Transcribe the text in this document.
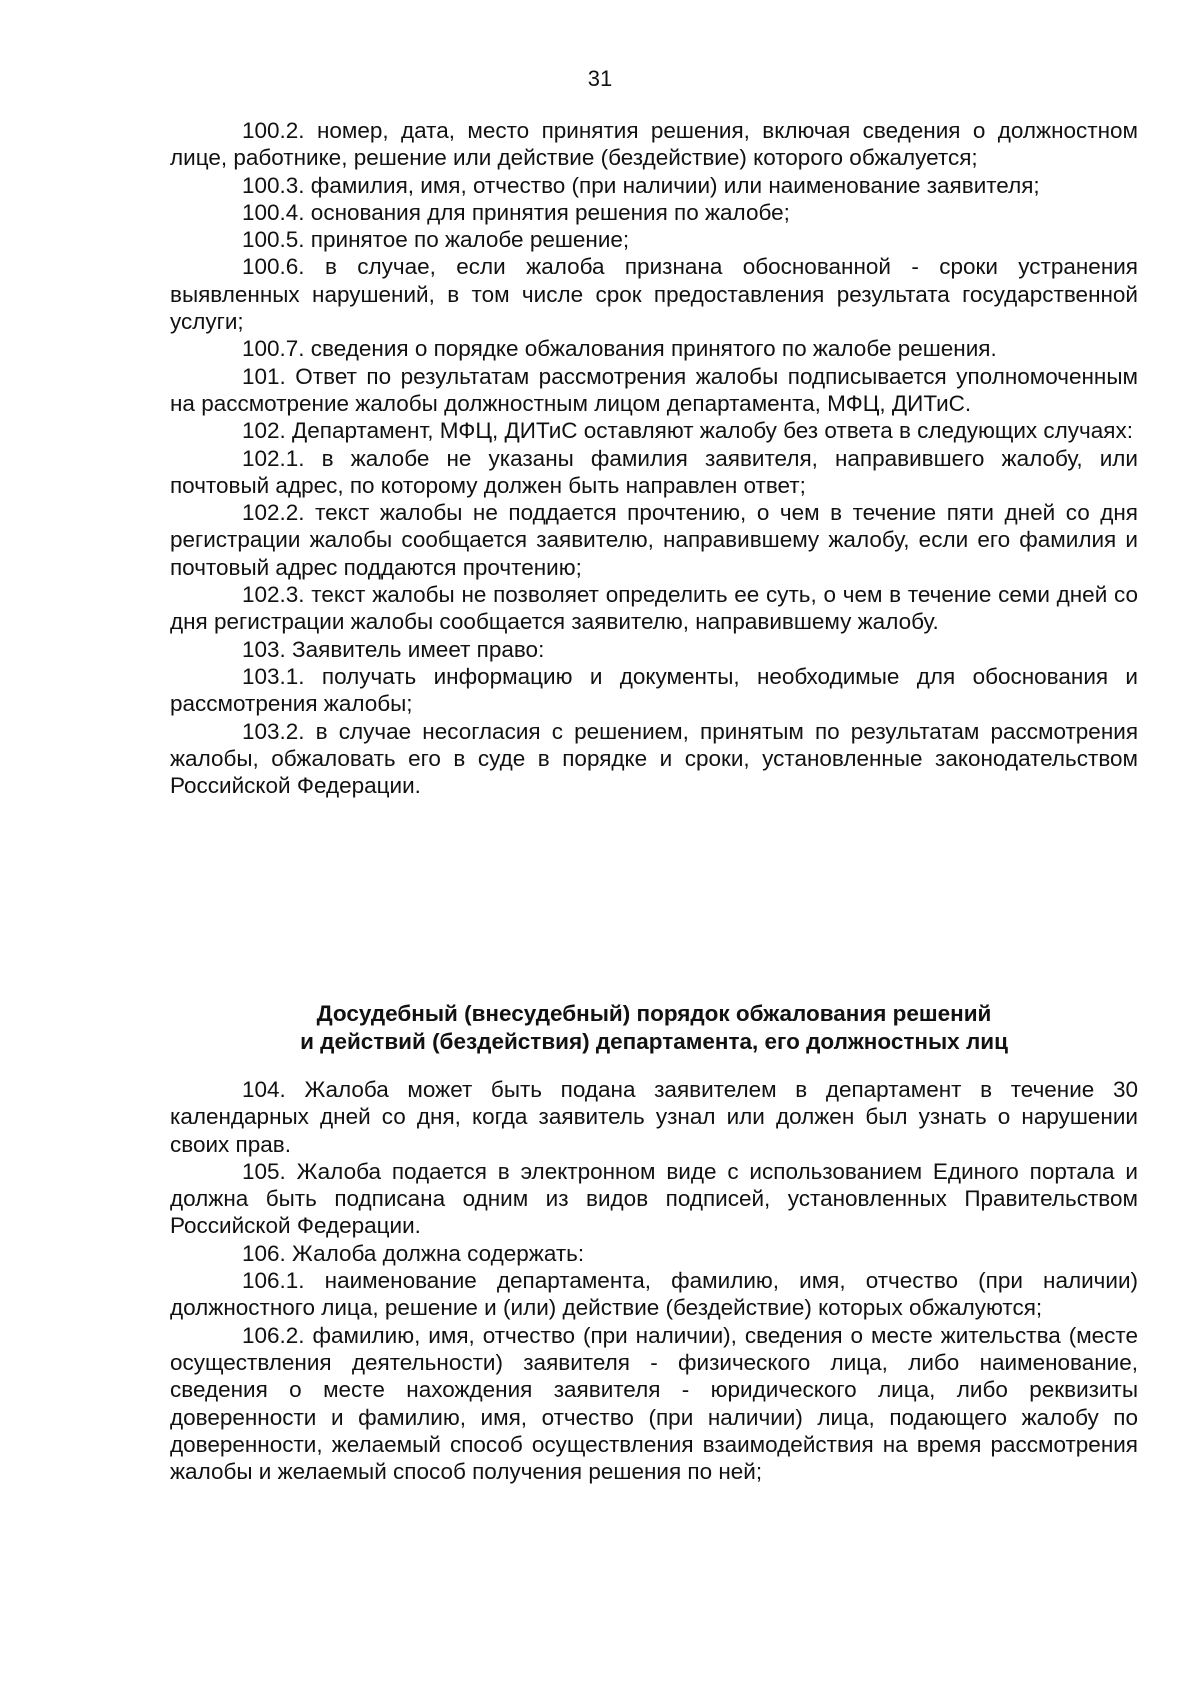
31

100.2. номер, дата, место принятия решения, включая сведения о должностном лице, работнике, решение или действие (бездействие) которого обжалуется;

100.3. фамилия, имя, отчество (при наличии) или наименование заявителя;

100.4. основания для принятия решения по жалобе;

100.5. принятое по жалобе решение;

100.6. в случае, если жалоба признана обоснованной - сроки устранения выявленных нарушений, в том числе срок предоставления результата государственной услуги;

100.7. сведения о порядке обжалования принятого по жалобе решения.

101. Ответ по результатам рассмотрения жалобы подписывается уполномоченным на рассмотрение жалобы должностным лицом департамента, МФЦ, ДИТиС.

102. Департамент, МФЦ, ДИТиС оставляют жалобу без ответа в следующих случаях:

102.1. в жалобе не указаны фамилия заявителя, направившего жалобу, или почтовый адрес, по которому должен быть направлен ответ;

102.2. текст жалобы не поддается прочтению, о чем в течение пяти дней со дня регистрации жалобы сообщается заявителю, направившему жалобу, если его фамилия и почтовый адрес поддаются прочтению;

102.3. текст жалобы не позволяет определить ее суть, о чем в течение семи дней со дня регистрации жалобы сообщается заявителю, направившему жалобу.

103. Заявитель имеет право:

103.1. получать информацию и документы, необходимые для обоснования и рассмотрения жалобы;

103.2. в случае несогласия с решением, принятым по результатам рассмотрения жалобы, обжаловать его в суде в порядке и сроки, установленные законодательством Российской Федерации.

Досудебный (внесудебный) порядок обжалования решений
и действий (бездействия) департамента, его должностных лиц

104. Жалоба может быть подана заявителем в департамент в течение 30 календарных дней со дня, когда заявитель узнал или должен был узнать о нарушении своих прав.

105. Жалоба подается в электронном виде с использованием Единого портала и должна быть подписана одним из видов подписей, установленных Правительством Российской Федерации.

106. Жалоба должна содержать:

106.1. наименование департамента, фамилию, имя, отчество (при наличии) должностного лица, решение и (или) действие (бездействие) которых обжалуются;

106.2. фамилию, имя, отчество (при наличии), сведения о месте жительства (месте осуществления деятельности) заявителя - физического лица, либо наименование, сведения о месте нахождения заявителя - юридического лица, либо реквизиты доверенности и фамилию, имя, отчество (при наличии) лица, подающего жалобу по доверенности, желаемый способ осуществления взаимодействия на время рассмотрения жалобы и желаемый способ получения решения по ней;
